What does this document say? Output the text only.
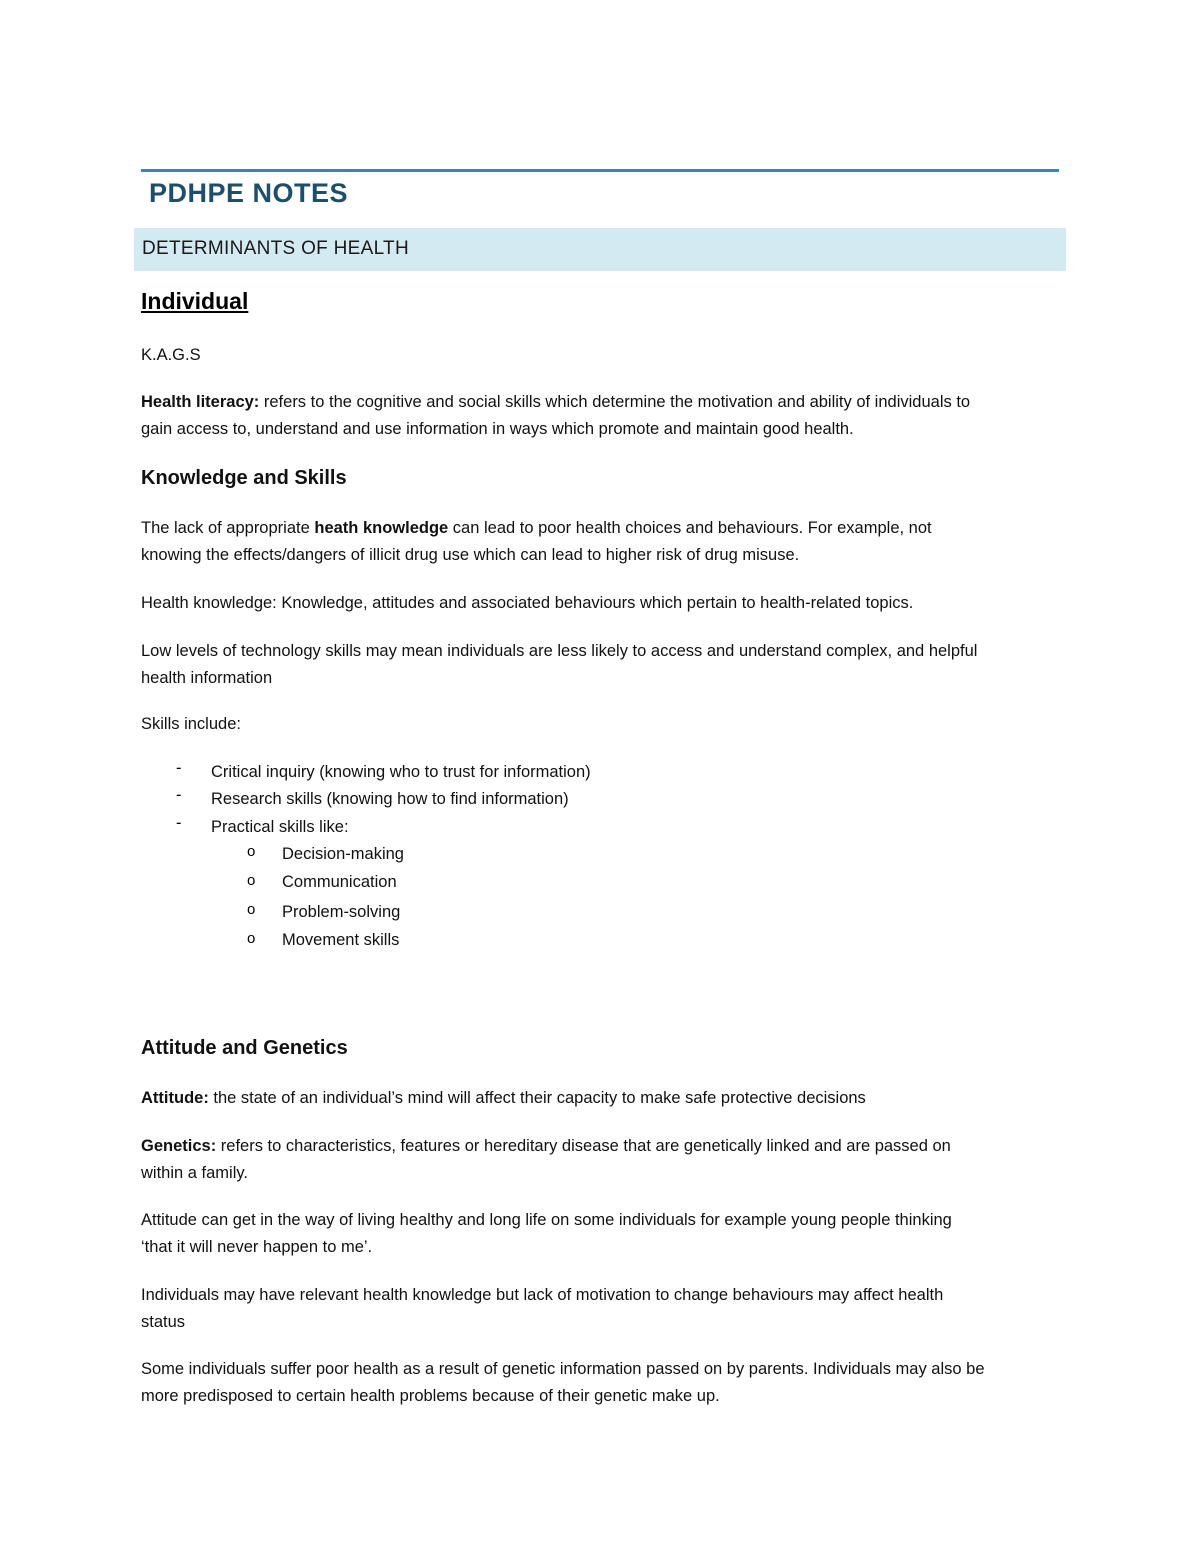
PDHPE NOTES
DETERMINANTS OF HEALTH
Individual
K.A.G.S
Health literacy: refers to the cognitive and social skills which determine the motivation and ability of individuals to
gain access to, understand and use information in ways which promote and maintain good health.
Knowledge and Skills
The lack of appropriate heath knowledge can lead to poor health choices and behaviours. For example, not
knowing the effects/dangers of illicit drug use which can lead to higher risk of drug misuse.
Health knowledge: Knowledge, attitudes and associated behaviours which pertain to health-related topics.
Low levels of technology skills may mean individuals are less likely to access and understand complex, and helpful
health information
Skills include:
- Critical inquiry (knowing who to trust for information)
- Research skills (knowing how to find information)
- Practical skills like:
o Decision-making
o Communication
o Problem-solving
o Movement skills
Attitude and Genetics
Attitude: the state of an individual’s mind will affect their capacity to make safe protective decisions
Genetics: refers to characteristics, features or hereditary disease that are genetically linked and are passed on
within a family.
Attitude can get in the way of living healthy and long life on some individuals for example young people thinking
‘that it will never happen to me’.
Individuals may have relevant health knowledge but lack of motivation to change behaviours may affect health
status
Some individuals suffer poor health as a result of genetic information passed on by parents. Individuals may also be
more predisposed to certain health problems because of their genetic make up.
